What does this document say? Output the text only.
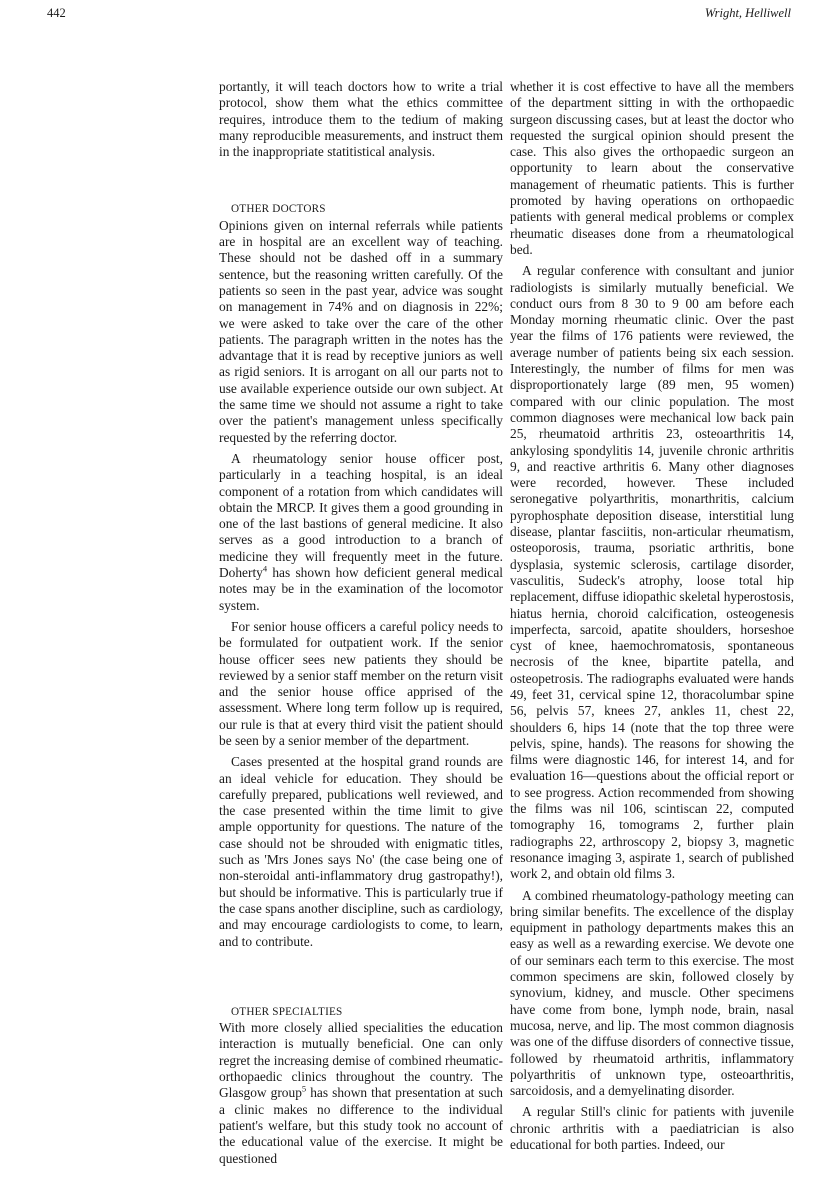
442	Wright, Helliwell

portantly, it will teach doctors how to write a trial protocol, show them what the ethics committee requires, introduce them to the tedium of making many reproducible measurements, and instruct them in the inappropriate statitistical analysis.

OTHER DOCTORS

Opinions given on internal referrals while patients are in hospital are an excellent way of teaching. These should not be dashed off in a summary sentence, but the reasoning written carefully. Of the patients so seen in the past year, advice was sought on management in 74% and on diagnosis in 22%; we were asked to take over the care of the other patients. The paragraph written in the notes has the advantage that it is read by receptive juniors as well as rigid seniors. It is arrogant on all our parts not to use available experience outside our own subject. At the same time we should not assume a right to take over the patient's management unless specifically requested by the referring doctor.

A rheumatology senior house officer post, particularly in a teaching hospital, is an ideal component of a rotation from which candidates will obtain the MRCP. It gives them a good grounding in one of the last bastions of general medicine. It also serves as a good introduction to a branch of medicine they will frequently meet in the future. Doherty$^4$ has shown how deficient general medical notes may be in the examination of the locomotor system.

For senior house officers a careful policy needs to be formulated for outpatient work. If the senior house officer sees new patients they should be reviewed by a senior staff member on the return visit and the senior house office apprised of the assessment. Where long term follow up is required, our rule is that at every third visit the patient should be seen by a senior member of the department.

Cases presented at the hospital grand rounds are an ideal vehicle for education. They should be carefully prepared, publications well reviewed, and the case presented within the time limit to give ample opportunity for questions. The nature of the case should not be shrouded with enigmatic titles, such as 'Mrs Jones says No' (the case being one of non-steroidal anti-inflammatory drug gastropathy!), but should be informative. This is particularly true if the case spans another discipline, such as cardiology, and may encourage cardiologists to come, to learn, and to contribute.

OTHER SPECIALTIES

With more closely allied specialities the education interaction is mutually beneficial. One can only regret the increasing demise of combined rheumatic-orthopaedic clinics throughout the country. The Glasgow group$^5$ has shown that presentation at such a clinic makes no difference to the individual patient's welfare, but this study took no account of the educational value of the exercise. It might be questioned

whether it is cost effective to have all the members of the department sitting in with the orthopaedic surgeon discussing cases, but at least the doctor who requested the surgical opinion should present the case. This also gives the orthopaedic surgeon an opportunity to learn about the conservative management of rheumatic patients. This is further promoted by having operations on orthopaedic patients with general medical problems or complex rheumatic diseases done from a rheumatological bed.

A regular conference with consultant and junior radiologists is similarly mutually beneficial. We conduct ours from 8 30 to 9 00 am before each Monday morning rheumatic clinic. Over the past year the films of 176 patients were reviewed, the average number of patients being six each session. Interestingly, the number of films for men was disproportionately large (89 men, 95 women) compared with our clinic population. The most common diagnoses were mechanical low back pain 25, rheumatoid arthritis 23, osteoarthritis 14, ankylosing spondylitis 14, juvenile chronic arthritis 9, and reactive arthritis 6. Many other diagnoses were recorded, however. These included seronegative polyarthritis, monarthritis, calcium pyrophosphate deposition disease, interstitial lung disease, plantar fasciitis, non-articular rheumatism, osteoporosis, trauma, psoriatic arthritis, bone dysplasia, systemic sclerosis, cartilage disorder, vasculitis, Sudeck's atrophy, loose total hip replacement, diffuse idiopathic skeletal hyperostosis, hiatus hernia, choroid calcification, osteogenesis imperfecta, sarcoid, apatite shoulders, horseshoe cyst of knee, haemochromatosis, spontaneous necrosis of the knee, bipartite patella, and osteopetrosis. The radiographs evaluated were hands 49, feet 31, cervical spine 12, thoracolumbar spine 56, pelvis 57, knees 27, ankles 11, chest 22, shoulders 6, hips 14 (note that the top three were pelvis, spine, hands). The reasons for showing the films were diagnostic 146, for interest 14, and for evaluation 16—questions about the official report or to see progress. Action recommended from showing the films was nil 106, scintiscan 22, computed tomography 16, tomograms 2, further plain radiographs 22, arthroscopy 2, biopsy 3, magnetic resonance imaging 3, aspirate 1, search of published work 2, and obtain old films 3.

A combined rheumatology-pathology meeting can bring similar benefits. The excellence of the display equipment in pathology departments makes this an easy as well as a rewarding exercise. We devote one of our seminars each term to this exercise. The most common specimens are skin, followed closely by synovium, kidney, and muscle. Other specimens have come from bone, lymph node, brain, nasal mucosa, nerve, and lip. The most common diagnosis was one of the diffuse disorders of connective tissue, followed by rheumatoid arthritis, inflammatory polyarthritis of unknown type, osteoarthritis, sarcoidosis, and a demyelinating disorder.

A regular Still's clinic for patients with juvenile chronic arthritis with a paediatrician is also educational for both parties. Indeed, our
